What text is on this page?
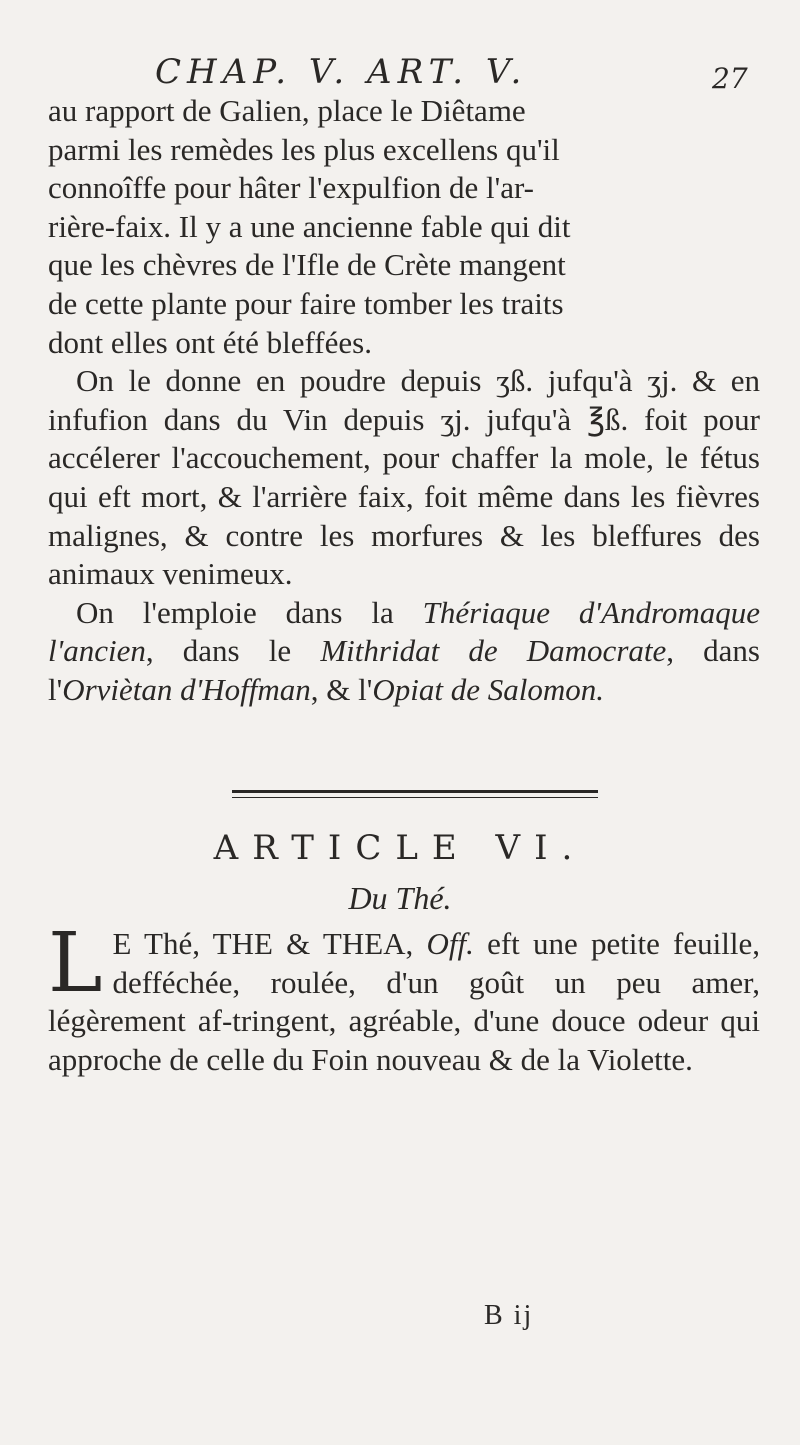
CHAP. V. ART. V.	27

au rapport de Galien, place le Diêtame
parmi les remèdes les plus excellens qu'il
connoîffe pour hâter l'expulfion de l'ar-
rière-faix. Il y a une ancienne fable qui dit
que les chèvres de l'Ifle de Crète mangent
de cette plante pour faire tomber les traits
dont elles ont été bleffées.

On le donne en poudre depuis ʒß. jufqu'à ʒj. & en infufion dans du Vin depuis ʒj. jufqu'à ℥ß. foit pour accélerer l'accouchement, pour chaffer la mole, le fétus qui eft mort, & l'arrière faix, foit même dans les fièvres malignes, & contre les morfures & les bleffures des animaux venimeux.

On l'emploie dans la Thériaque d'Andromaque l'ancien, dans le Mithridat de Damocrate, dans l'Orviètan d'Hoffman, & l'Opiat de Salomon.

ARTICLE VI.
Du Thé.
L E Thé, THE & THEA, Off. eft une petite feuille, defféchée, roulée, d'un goût un peu amer, légèrement af-tringent, agréable, d'une douce odeur qui approche de celle du Foin nouveau & de la Violette.

B ij
